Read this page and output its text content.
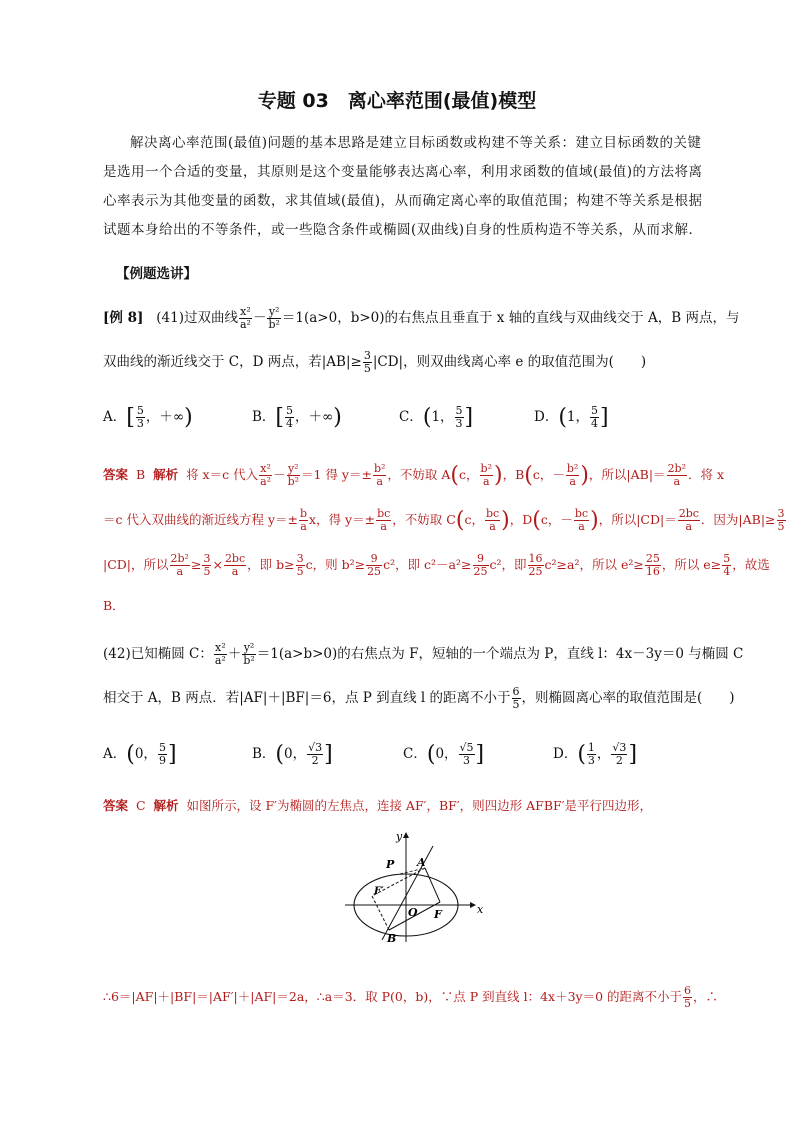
专题 03　离心率范围(最值)模型
解决离心率范围(最值)问题的基本思路是建立目标函数或构建不等关系：建立目标函数的关键是选用一个合适的变量，其原则是这个变量能够表达离心率，利用求函数的值域(最值)的方法将离心率表示为其他变量的函数，求其值域(最值)，从而确定离心率的取值范围；构建不等关系是根据试题本身给出的不等条件，或一些隐含条件或椭圆(双曲线)自身的性质构造不等关系，从而求解．
【例题选讲】
[例 8] (41)过双曲线 $\frac{\text{x²}}{\text{a²}} - \frac{\text{y²}}{\text{b²}} =1(a>0$，b>0)的右焦点且垂直于 x 轴的直线与双曲线交于 A，B 两点，与
双曲线的渐近线交于 C，D 两点，若$|AB|\ge \frac{3}{5} |CD|$，则双曲线离心率 e 的取值范围为(　　)
A．[ $\frac{5}{3}$ ，＋∞)	B．[ $\frac{5}{4}$ ，＋∞)	C．(1， $\frac{5}{3}$ ]	D．(1， $\frac{5}{4}$ ]
答案 B 解析 将 x＝c 代入 $\frac{\text{x²}}{\text{a²}} - \frac{\text{y²}}{\text{b²}} =1$ 得 $y=\pm \frac{\text{b²}}{a}$ ，不妨取 A(c， $\frac{\text{b²}}{a}$ )，B(c，－ $\frac{\text{b²}}{a}$ )，所以$|AB|= \frac{\text{2b²}}{a}$ ．将 x
＝c 代入双曲线的渐近线方程 $y=\pm \frac{b}{a}$ x，得 $y=\pm \frac{bc}{a}$ ，不妨取 C(c， $\frac{bc}{a}$ )，D(c，－ $\frac{bc}{a}$ )，所以$|CD|= \frac{2bc}{a}$ ．因为$|AB|\ge \frac{3}{5}$
|CD|，所以 $\frac{\text{2b²}}{a} \ge \frac{3}{5} \times \frac{2bc}{a}$ ，即 $b\ge \frac{3}{5}$ c，则 $b^2\ge \frac{9}{25} c^2$，即 $c^2-a^2\ge \frac{9}{25} c^2$，即 $\frac{16}{25} c^2\ge a^2$，所以 $e^2\ge \frac{25}{16}$ ，所以 $e\ge \frac{5}{4}$ ，故选
B．
(42)已知椭圆 C： $\frac{\text{x²}}{\text{a²}} + \frac{\text{y²}}{\text{b²}} =1(a>b>0)$的右焦点为 F，短轴的一个端点为 P，直线 l：4x－3y＝0 与椭圆 C
相交于 A，B 两点．若|AF|＋|BF|＝6，点 P 到直线 l 的距离不小于 $\frac{6}{5}$ ，则椭圆离心率的取值范围是(　　)
A．(0， $\frac{5}{9}$ ]	B．(0， $\frac{√3}{2}$ ]	C．(0， $\frac{√5}{3}$ ]	D．( $\frac{1}{3}$ ， $\frac{√3}{2}$ ]
答案 C 解析 如图所示，设 F′为椭圆的左焦点，连接 AF′，BF′，则四边形 AFBF′是平行四边形，
y
x
P A
F′
O F
B
∴6＝|AF|＋|BF|＝|AF′|＋|AF|＝2a，∴a＝3．取 P(0，b)，∵点 P 到直线 l：4x＋3y＝0 的距离不小于 $\frac{6}{5}$ ，∴
